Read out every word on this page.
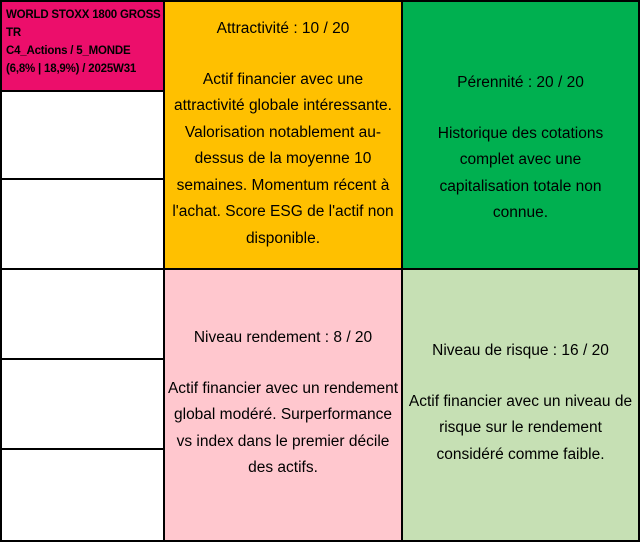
WORLD STOXX 1800 GROSS
TR
C4_Actions / 5_MONDE
(6,8% | 18,9%) / 2025W31
Attractivité : 10 / 20
Actif financier avec une attractivité globale intéressante. Valorisation notablement au-dessus de la moyenne 10 semaines. Momentum récent à l'achat. Score ESG de l'actif non disponible.
Pérennité : 20 / 20
Historique des cotations complet avec une capitalisation totale non connue.
Niveau rendement : 8 / 20
Actif financier avec un rendement global modéré. Surperformance vs index dans le premier décile des actifs.
Niveau de risque : 16 / 20
Actif financier avec un niveau de risque sur le rendement considéré comme faible.
